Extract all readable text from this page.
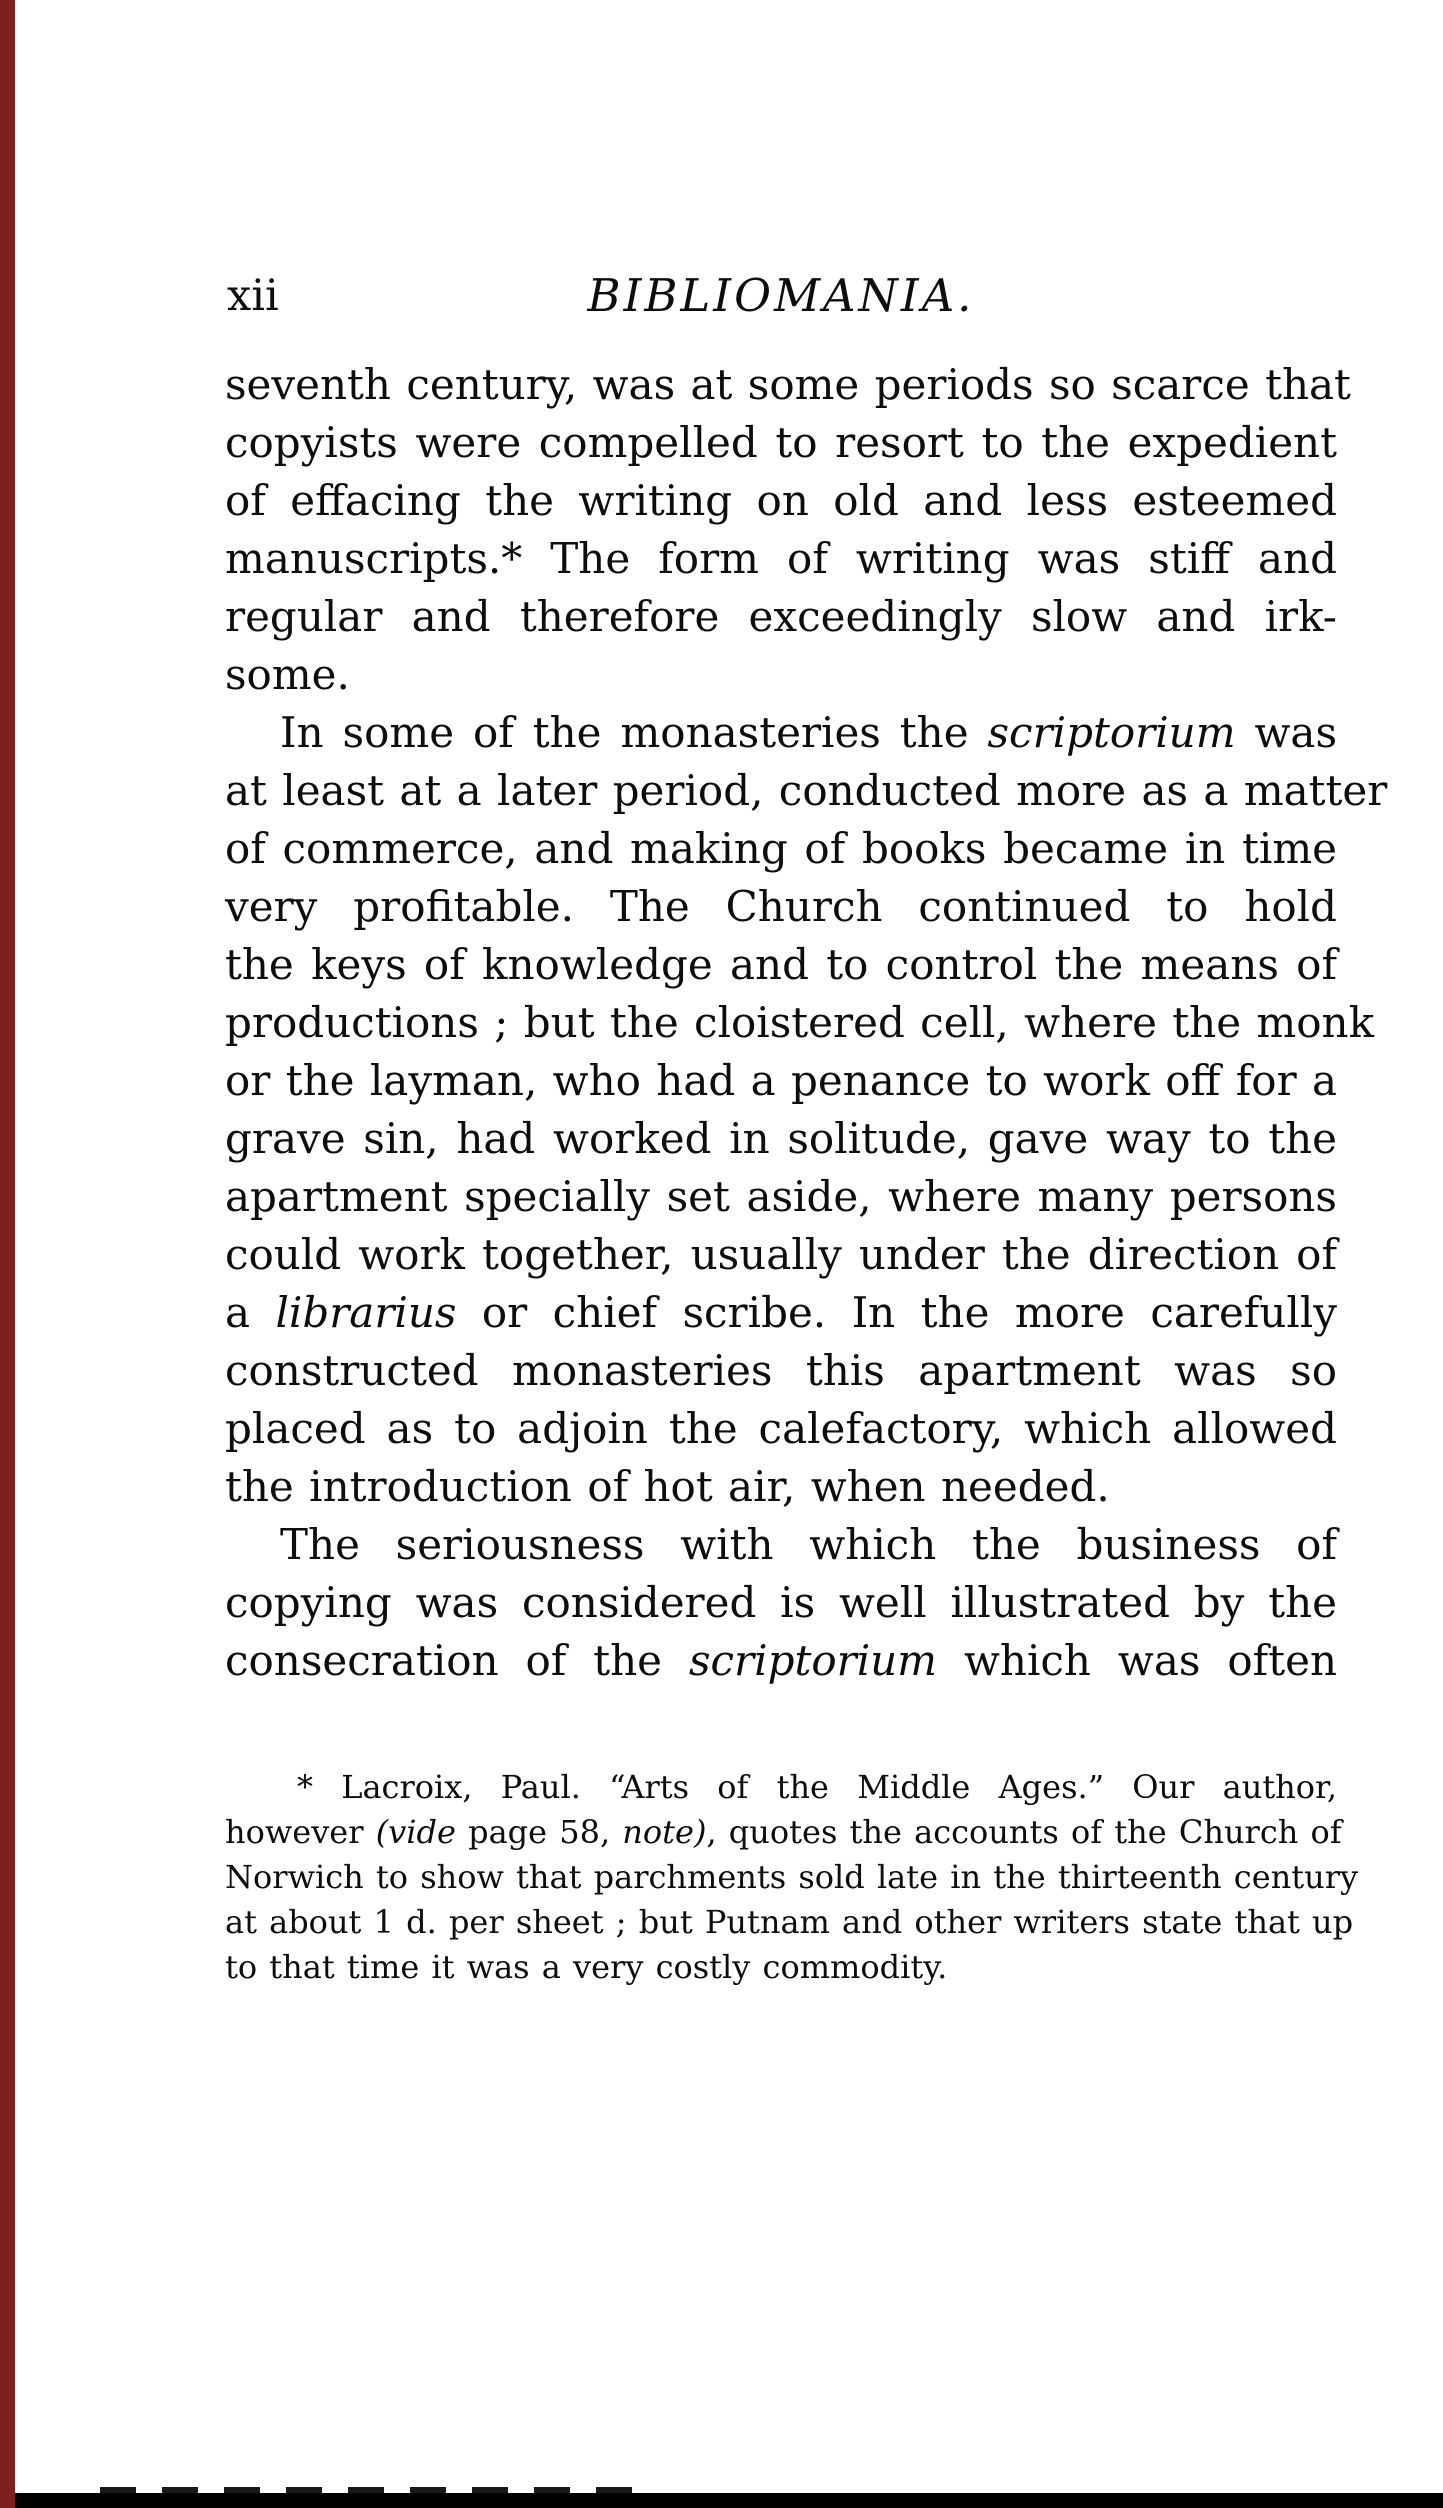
xii	BIBLIOMANIA.
seventh century, was at some periods so scarce that
copyists were compelled to resort to the expedient
of effacing the writing on old and less esteemed
manuscripts.* The form of writing was stiff and
regular and therefore exceedingly slow and irk-
some.
In some of the monasteries the scriptorium was
at least at a later period, conducted more as a matter
of commerce, and making of books became in time
very profitable. The Church continued to hold
the keys of knowledge and to control the means of
productions ; but the cloistered cell, where the monk
or the layman, who had a penance to work off for a
grave sin, had worked in solitude, gave way to the
apartment specially set aside, where many persons
could work together, usually under the direction of
a librarius or chief scribe. In the more carefully
constructed monasteries this apartment was so
placed as to adjoin the calefactory, which allowed
the introduction of hot air, when needed.
The seriousness with which the business of
copying was considered is well illustrated by the
consecration of the scriptorium which was often
* Lacroix, Paul. “Arts of the Middle Ages.” Our author,
however (vide page 58, note), quotes the accounts of the Church of
Norwich to show that parchments sold late in the thirteenth century
at about 1 d. per sheet ; but Putnam and other writers state that up
to that time it was a very costly commodity.
